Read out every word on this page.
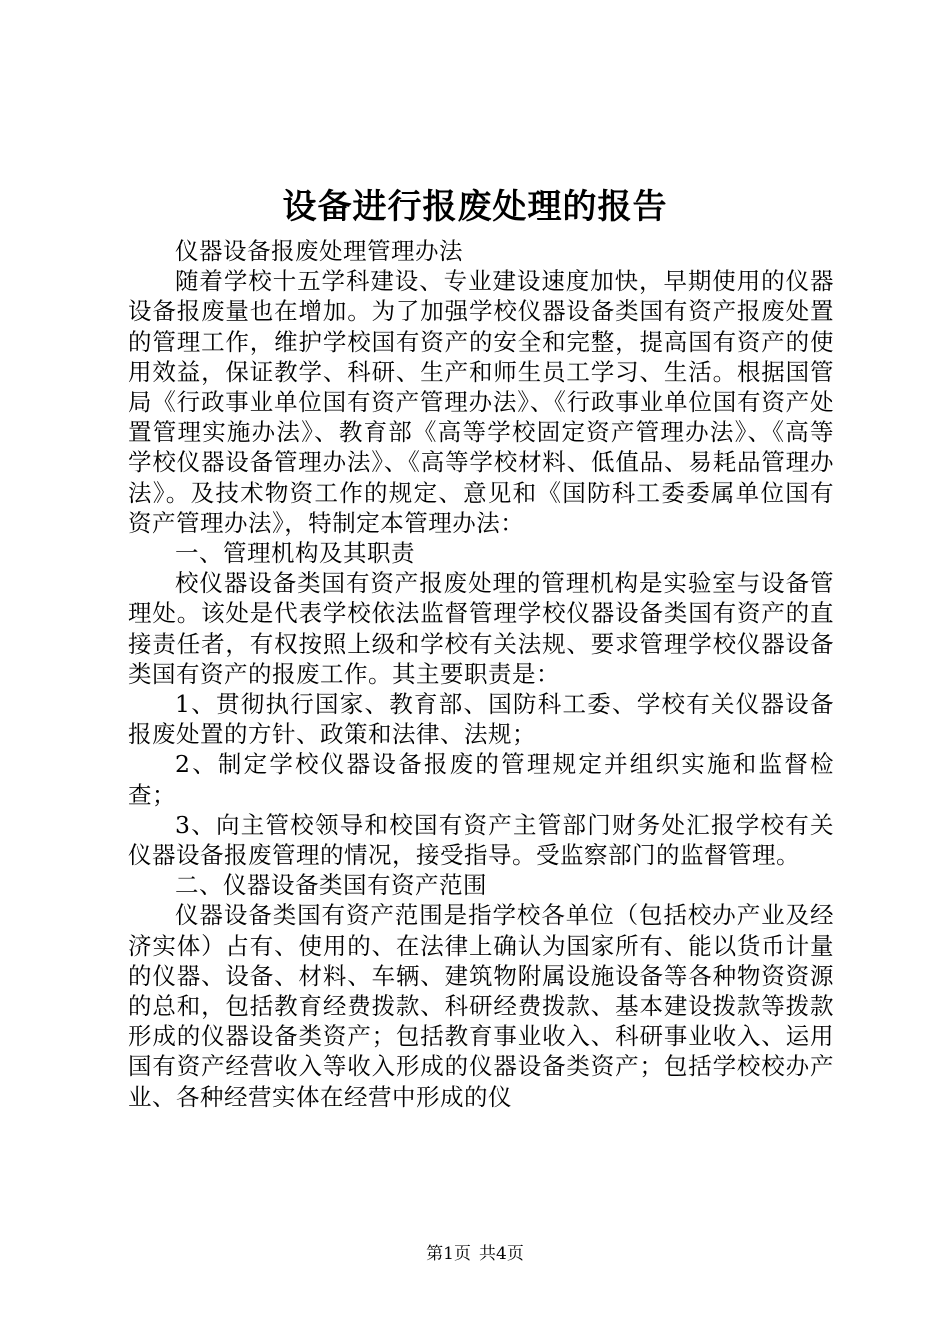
设备进行报废处理的报告

仪器设备报废处理管理办法

随着学校十五学科建设、专业建设速度加快，早期使用的仪器设备报废量也在增加。为了加强学校仪器设备类国有资产报废处置的管理工作，维护学校国有资产的安全和完整，提高国有资产的使用效益，保证教学、科研、生产和师生员工学习、生活。根据国管局《行政事业单位国有资产管理办法》、《行政事业单位国有资产处置管理实施办法》、教育部《高等学校固定资产管理办法》、《高等学校仪器设备管理办法》、《高等学校材料、低值品、易耗品管理办法》。及技术物资工作的规定、意见和《国防科工委委属单位国有资产管理办法》，特制定本管理办法：

一、管理机构及其职责

校仪器设备类国有资产报废处理的管理机构是实验室与设备管理处。该处是代表学校依法监督管理学校仪器设备类国有资产的直接责任者，有权按照上级和学校有关法规、要求管理学校仪器设备类国有资产的报废工作。其主要职责是：

1、贯彻执行国家、教育部、国防科工委、学校有关仪器设备报废处置的方针、政策和法律、法规；

2、制定学校仪器设备报废的管理规定并组织实施和监督检查；

3、向主管校领导和校国有资产主管部门财务处汇报学校有关仪器设备报废管理的情况，接受指导。受监察部门的监督管理。

二、仪器设备类国有资产范围

仪器设备类国有资产范围是指学校各单位（包括校办产业及经济实体）占有、使用的、在法律上确认为国家所有、能以货币计量的仪器、设备、材料、车辆、建筑物附属设施设备等各种物资资源的总和，包括教育经费拨款、科研经费拨款、基本建设拨款等拨款形成的仪器设备类资产；包括教育事业收入、科研事业收入、运用国有资产经营收入等收入形成的仪器设备类资产；包括学校校办产业、各种经营实体在经营中形成的仪

第1页 共4页
